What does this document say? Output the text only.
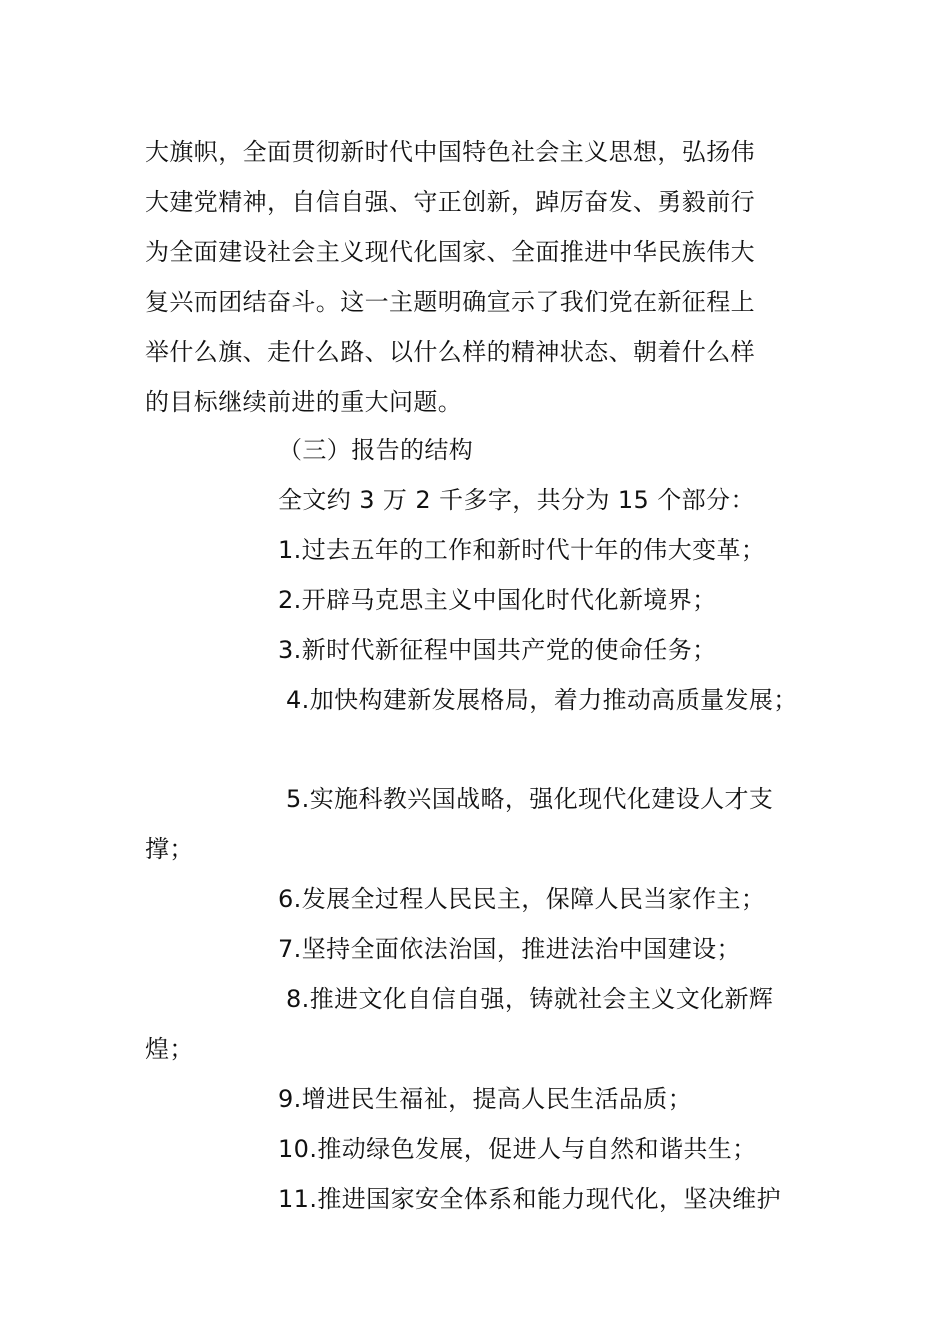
大旗帜，全面贯彻新时代中国特色社会主义思想，弘扬伟
大建党精神，自信自强、守正创新，踔厉奋发、勇毅前行
为全面建设社会主义现代化国家、全面推进中华民族伟大
复兴而团结奋斗。这一主题明确宣示了我们党在新征程上
举什么旗、走什么路、以什么样的精神状态、朝着什么样
的目标继续前进的重大问题。
（三）报告的结构
全文约 3 万 2 千多字，共分为 15 个部分：
1.过去五年的工作和新时代十年的伟大变革；
2.开辟马克思主义中国化时代化新境界；
3.新时代新征程中国共产党的使命任务；
4.加快构建新发展格局，着力推动高质量发展；
5.实施科教兴国战略，强化现代化建设人才支
撑；
6.发展全过程人民民主，保障人民当家作主；
7.坚持全面依法治国，推进法治中国建设；
8.推进文化自信自强，铸就社会主义文化新辉
煌；
9.增进民生福祉，提高人民生活品质；
10.推动绿色发展，促进人与自然和谐共生；
11.推进国家安全体系和能力现代化，坚决维护
